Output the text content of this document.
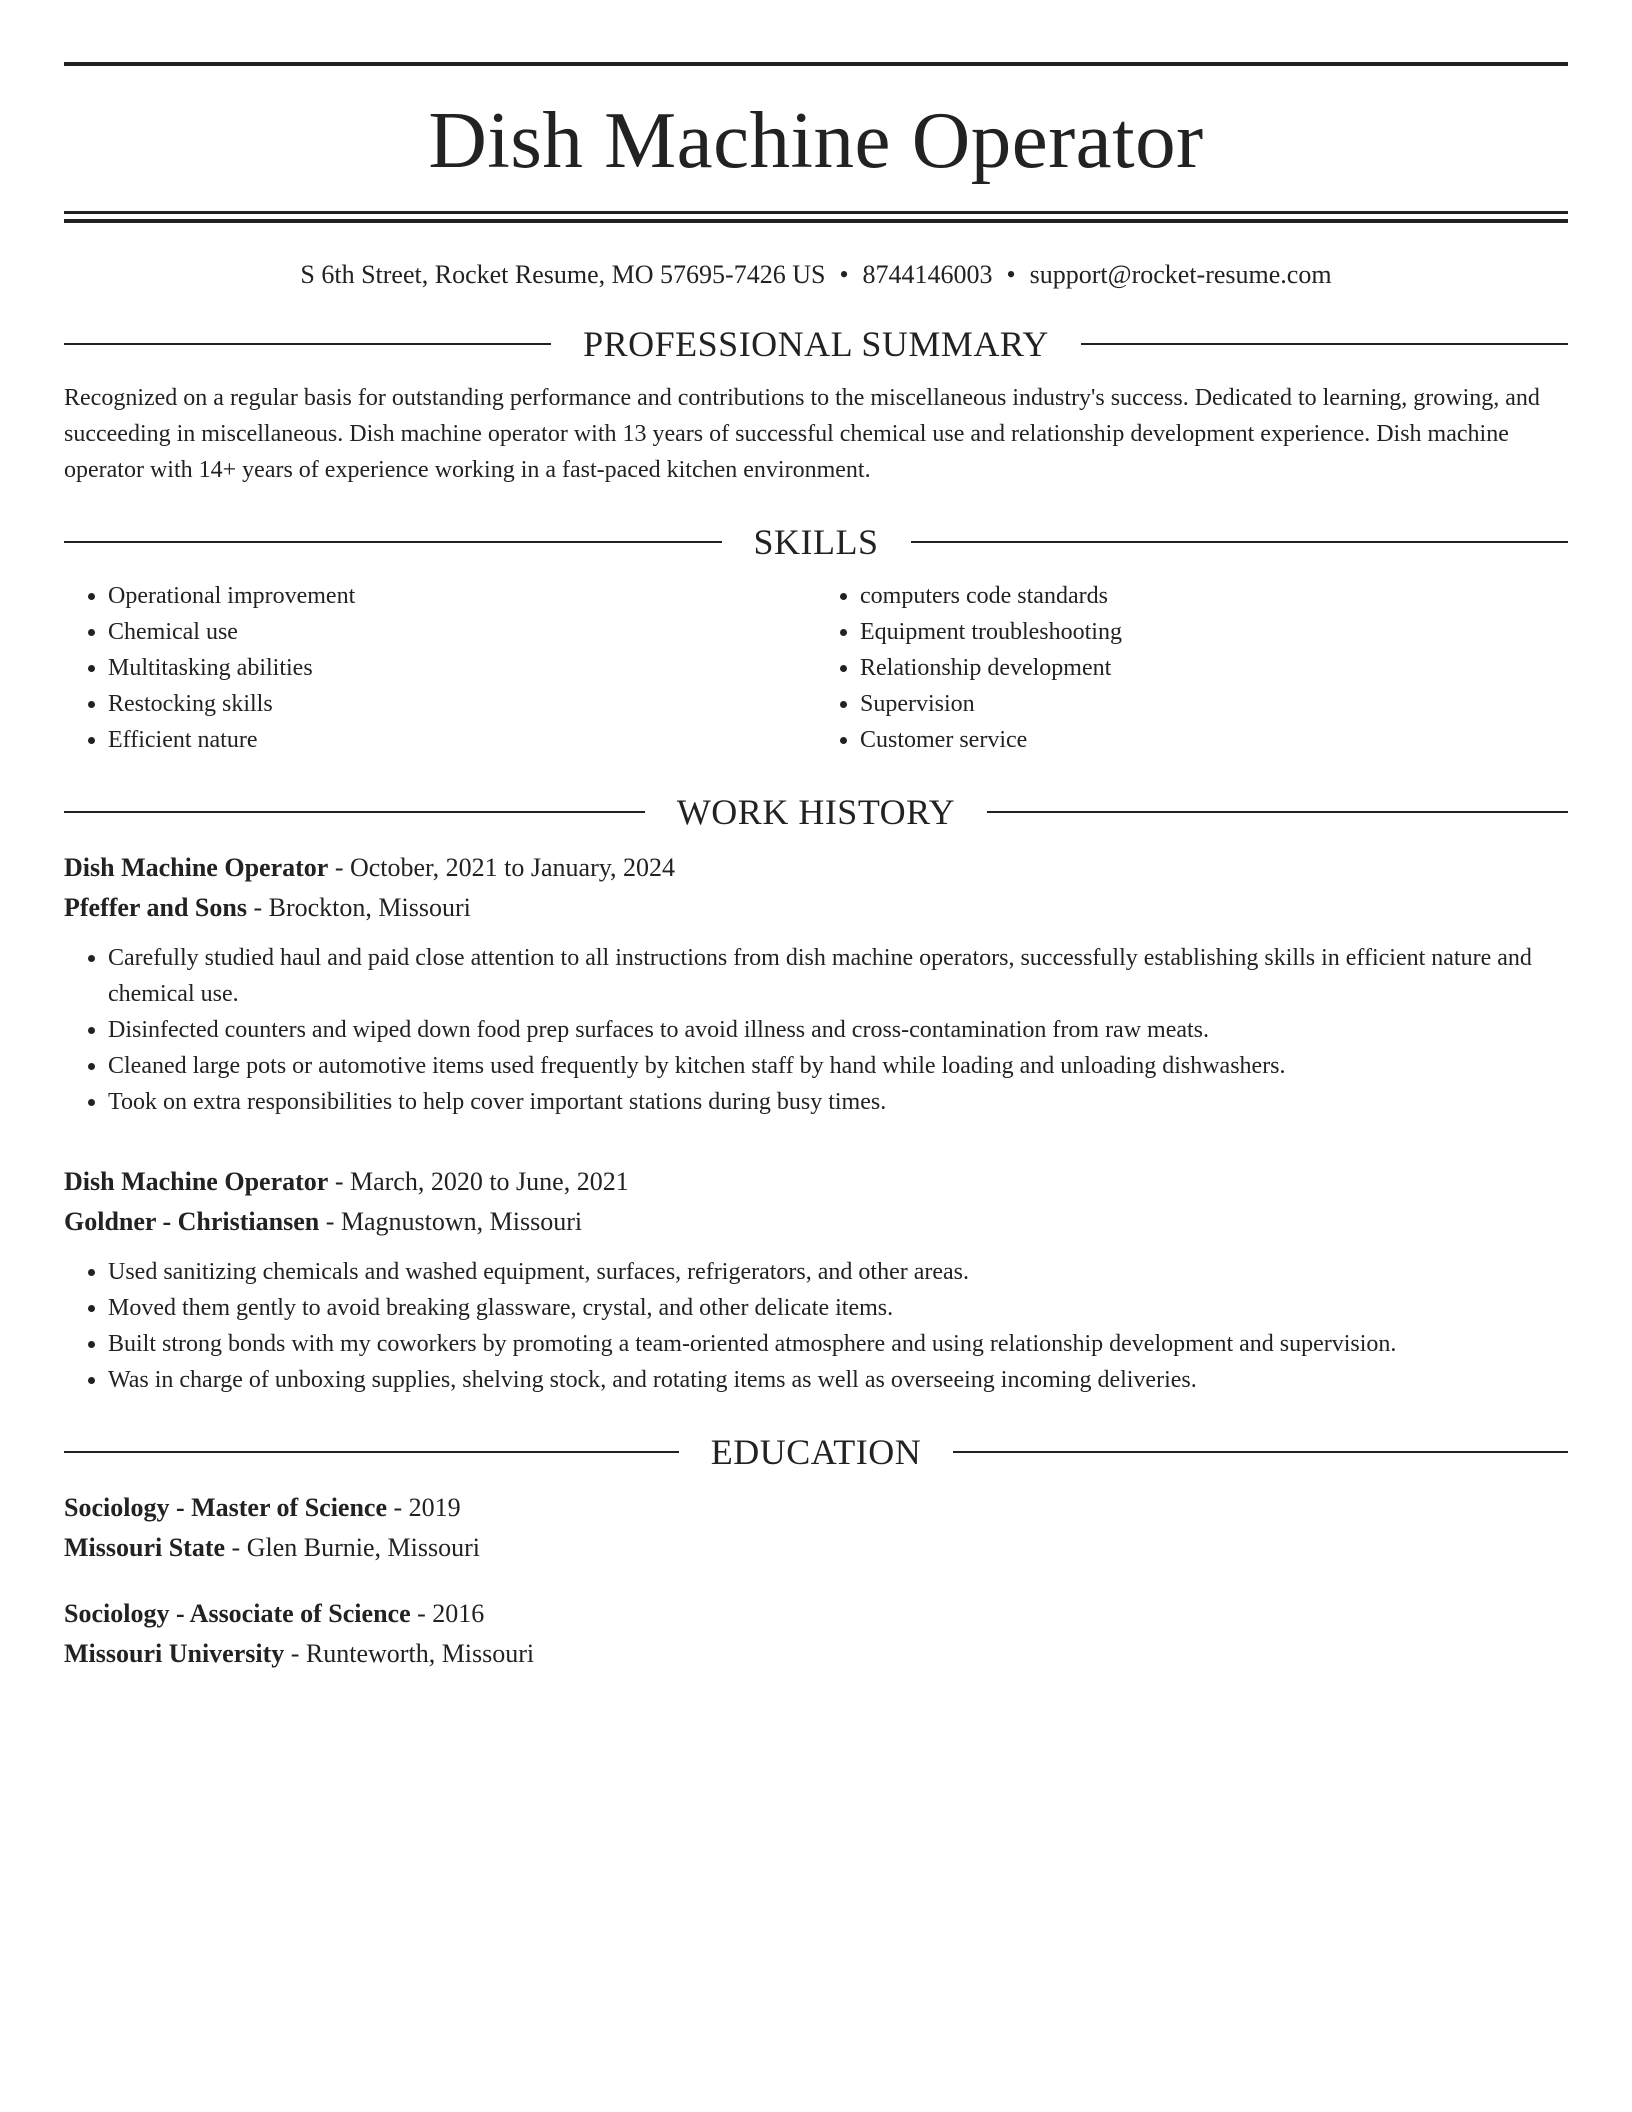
Dish Machine Operator
S 6th Street, Rocket Resume, MO 57695-7426 US • 8744146003 • support@rocket-resume.com
PROFESSIONAL SUMMARY

Recognized on a regular basis for outstanding performance and contributions to the miscellaneous industry's success. Dedicated to learning, growing, and succeeding in miscellaneous. Dish machine operator with 13 years of successful chemical use and relationship development experience. Dish machine operator with 14+ years of experience working in a fast-paced kitchen environment.

SKILLS
• Operational improvement
• Chemical use
• Multitasking abilities
• Restocking skills
• Efficient nature
• computers code standards
• Equipment troubleshooting
• Relationship development
• Supervision
• Customer service
WORK HISTORY
Dish Machine Operator - October, 2021 to January, 2024
Pfeffer and Sons - Brockton, Missouri
• Carefully studied haul and paid close attention to all instructions from dish machine operators, successfully establishing skills in efficient nature and chemical use.
• Disinfected counters and wiped down food prep surfaces to avoid illness and cross-contamination from raw meats.
• Cleaned large pots or automotive items used frequently by kitchen staff by hand while loading and unloading dishwashers.
• Took on extra responsibilities to help cover important stations during busy times.
Dish Machine Operator - March, 2020 to June, 2021
Goldner - Christiansen - Magnustown, Missouri
• Used sanitizing chemicals and washed equipment, surfaces, refrigerators, and other areas.
• Moved them gently to avoid breaking glassware, crystal, and other delicate items.
• Built strong bonds with my coworkers by promoting a team-oriented atmosphere and using relationship development and supervision.
• Was in charge of unboxing supplies, shelving stock, and rotating items as well as overseeing incoming deliveries.
EDUCATION
Sociology - Master of Science - 2019
Missouri State - Glen Burnie, Missouri
Sociology - Associate of Science - 2016
Missouri University - Runteworth, Missouri
